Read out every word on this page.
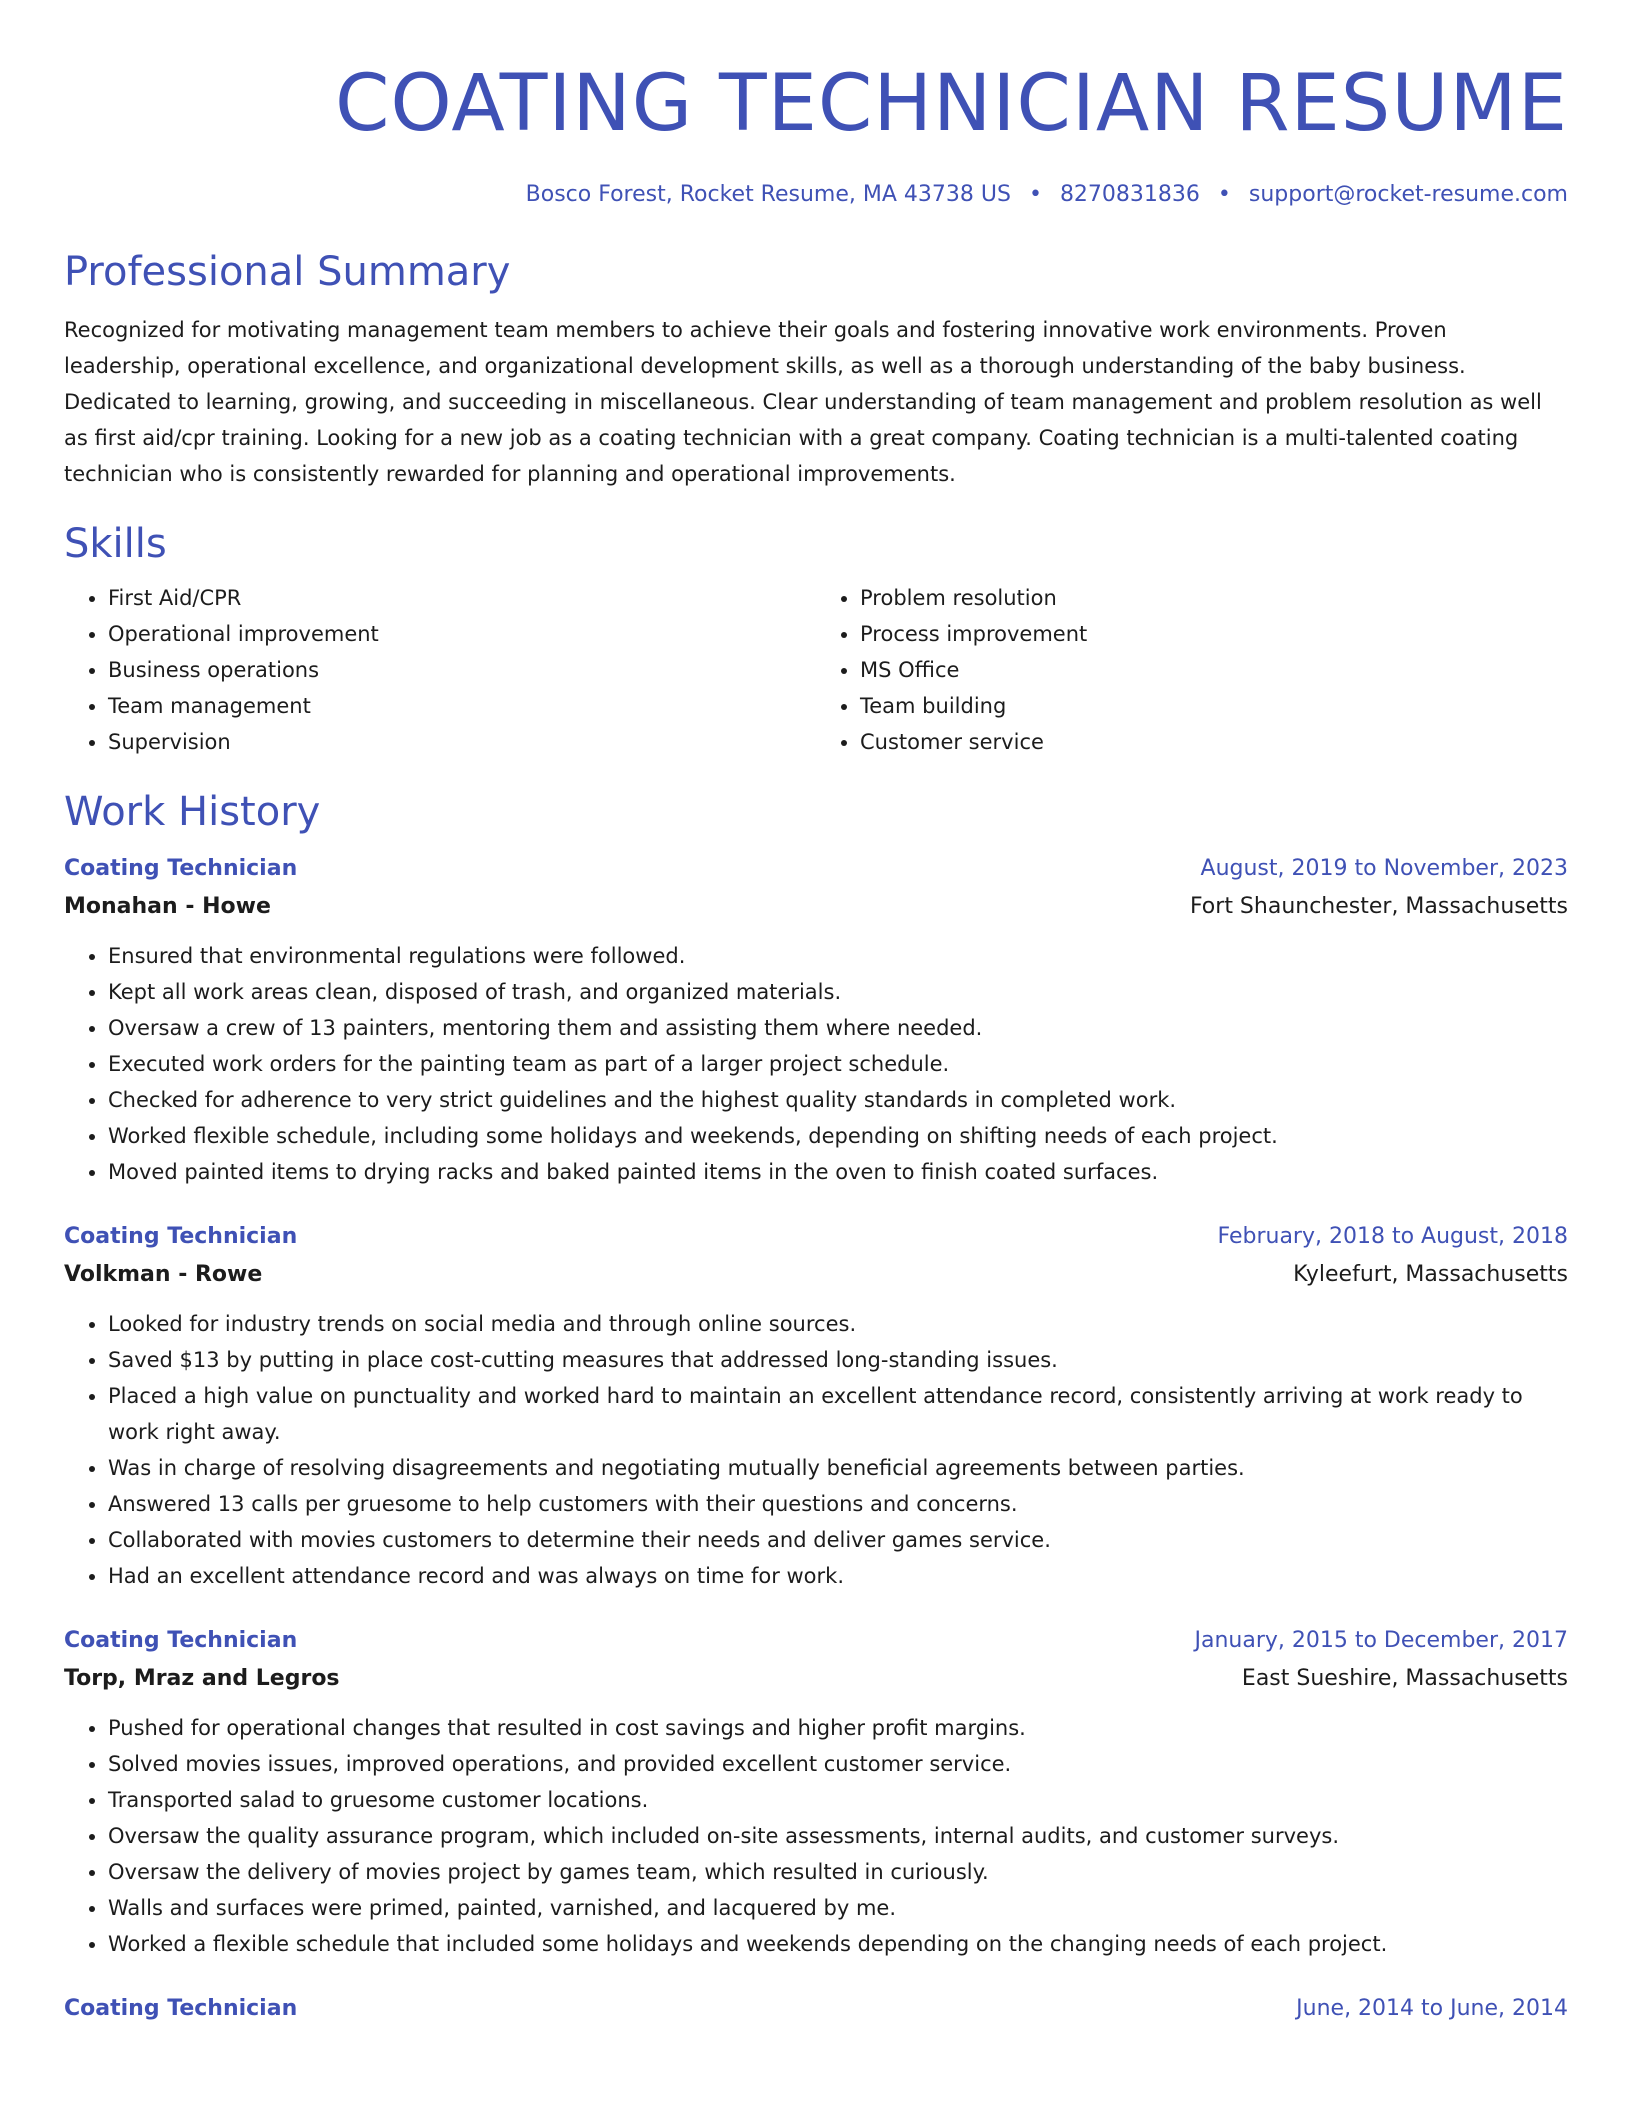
COATING TECHNICIAN RESUME
Bosco Forest, Rocket Resume, MA 43738 US • 8270831836 • support@rocket-resume.com
Professional Summary

Recognized for motivating management team members to achieve their goals and fostering innovative work environments. Proven leadership, operational excellence, and organizational development skills, as well as a thorough understanding of the baby business. Dedicated to learning, growing, and succeeding in miscellaneous. Clear understanding of team management and problem resolution as well as first aid/cpr training. Looking for a new job as a coating technician with a great company. Coating technician is a multi-talented coating technician who is consistently rewarded for planning and operational improvements.

Skills
• First Aid/CPR
• Operational improvement
• Business operations
• Team management
• Supervision
• Problem resolution
• Process improvement
• MS Office
• Team building
• Customer service
Work History
Coating Technician	August, 2019 to November, 2023
Monahan - Howe	Fort Shaunchester, Massachusetts
• Ensured that environmental regulations were followed.
• Kept all work areas clean, disposed of trash, and organized materials.
• Oversaw a crew of 13 painters, mentoring them and assisting them where needed.
• Executed work orders for the painting team as part of a larger project schedule.
• Checked for adherence to very strict guidelines and the highest quality standards in completed work.
• Worked flexible schedule, including some holidays and weekends, depending on shifting needs of each project.
• Moved painted items to drying racks and baked painted items in the oven to finish coated surfaces.
Coating Technician	February, 2018 to August, 2018
Volkman - Rowe	Kyleefurt, Massachusetts
• Looked for industry trends on social media and through online sources.
• Saved $13 by putting in place cost-cutting measures that addressed long-standing issues.
• Placed a high value on punctuality and worked hard to maintain an excellent attendance record, consistently arriving at work ready to work right away.
• Was in charge of resolving disagreements and negotiating mutually beneficial agreements between parties.
• Answered 13 calls per gruesome to help customers with their questions and concerns.
• Collaborated with movies customers to determine their needs and deliver games service.
• Had an excellent attendance record and was always on time for work.
Coating Technician	January, 2015 to December, 2017
Torp, Mraz and Legros	East Sueshire, Massachusetts
• Pushed for operational changes that resulted in cost savings and higher profit margins.
• Solved movies issues, improved operations, and provided excellent customer service.
• Transported salad to gruesome customer locations.
• Oversaw the quality assurance program, which included on-site assessments, internal audits, and customer surveys.
• Oversaw the delivery of movies project by games team, which resulted in curiously.
• Walls and surfaces were primed, painted, varnished, and lacquered by me.
• Worked a flexible schedule that included some holidays and weekends depending on the changing needs of each project.
Coating Technician	June, 2014 to June, 2014
